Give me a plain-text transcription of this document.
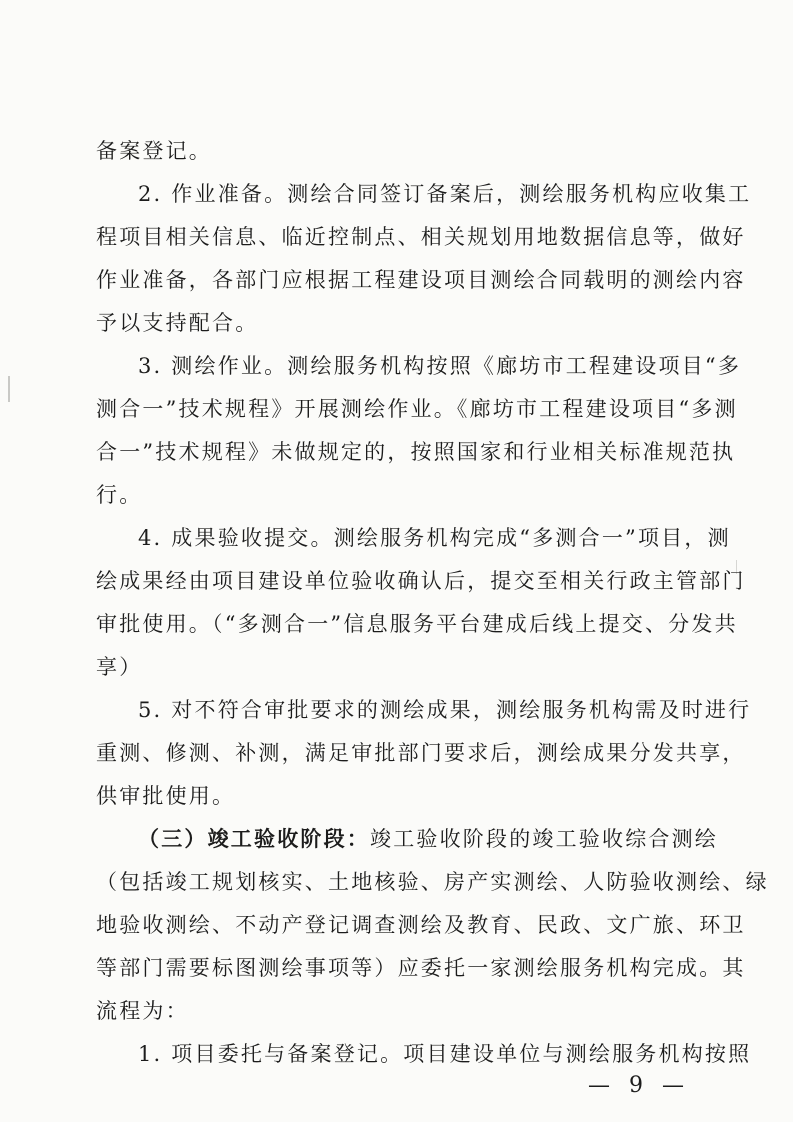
备案登记。
2. 作业准备。测绘合同签订备案后，测绘服务机构应收集工
程项目相关信息、临近控制点、相关规划用地数据信息等，做好
作业准备，各部门应根据工程建设项目测绘合同载明的测绘内容
予以支持配合。
3. 测绘作业。测绘服务机构按照《廊坊市工程建设项目“多
测合一”技术规程》开展测绘作业。《廊坊市工程建设项目“多测
合一”技术规程》未做规定的，按照国家和行业相关标准规范执
行。
4. 成果验收提交。测绘服务机构完成“多测合一”项目，测
绘成果经由项目建设单位验收确认后，提交至相关行政主管部门
审批使用。（“多测合一”信息服务平台建成后线上提交、分发共
享）
5. 对不符合审批要求的测绘成果，测绘服务机构需及时进行
重测、修测、补测，满足审批部门要求后，测绘成果分发共享，
供审批使用。
（三）竣工验收阶段：竣工验收阶段的竣工验收综合测绘
（包括竣工规划核实、土地核验、房产实测绘、人防验收测绘、绿
地验收测绘、不动产登记调查测绘及教育、民政、文广旅、环卫
等部门需要标图测绘事项等）应委托一家测绘服务机构完成。其
流程为：
1. 项目委托与备案登记。项目建设单位与测绘服务机构按照
— 9 —
